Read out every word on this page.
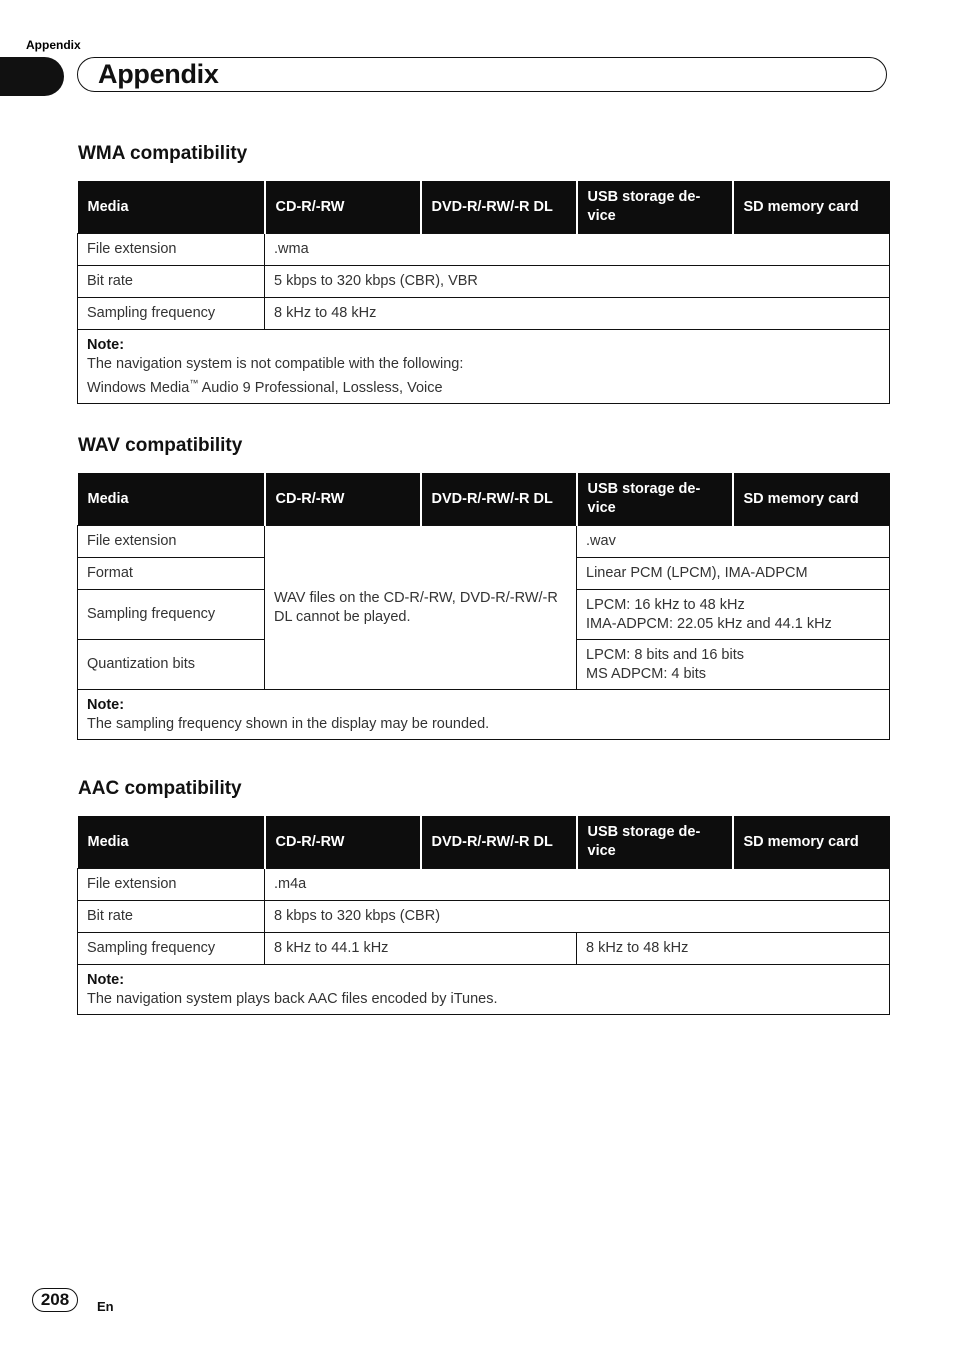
Appendix
Appendix
WMA compatibility
Media	CD-R/-RW	DVD-R/-RW/-R DL	USB storage de- vice	SD memory card
File extension	.wma			
Bit rate	5 kbps to 320 kbps (CBR), VBR			
Sampling frequency	8 kHz to 48 kHz			

Note:
The navigation system is not compatible with the following:
Windows Media™ Audio 9 Professional, Lossless, Voice				
WAV compatibility
Media	CD-R/-RW	DVD-R/-RW/-R DL	USB storage de- vice	SD memory card
File extension	WAV files on the CD-R/-RW, DVD-R/-RW/-R DL cannot be played.		.wav	
Format			Linear PCM (LPCM), IMA-ADPCM	
Sampling frequency			LPCM: 16 kHz to 48 kHz
IMA-ADPCM: 22.05 kHz and 44.1 kHz	

Quantization bits			LPCM: 8 bits and 16 bits
MS ADPCM: 4 bits	

Note:
The sampling frequency shown in the display may be rounded.				
AAC compatibility
Media	CD-R/-RW	DVD-R/-RW/-R DL	USB storage de- vice	SD memory card
File extension	.m4a			
Bit rate	8 kbps to 320 kbps (CBR)			
Sampling frequency	8 kHz to 44.1 kHz		8 kHz to 48 kHz	

Note:
The navigation system plays back AAC files encoded by iTunes.				
208	En
